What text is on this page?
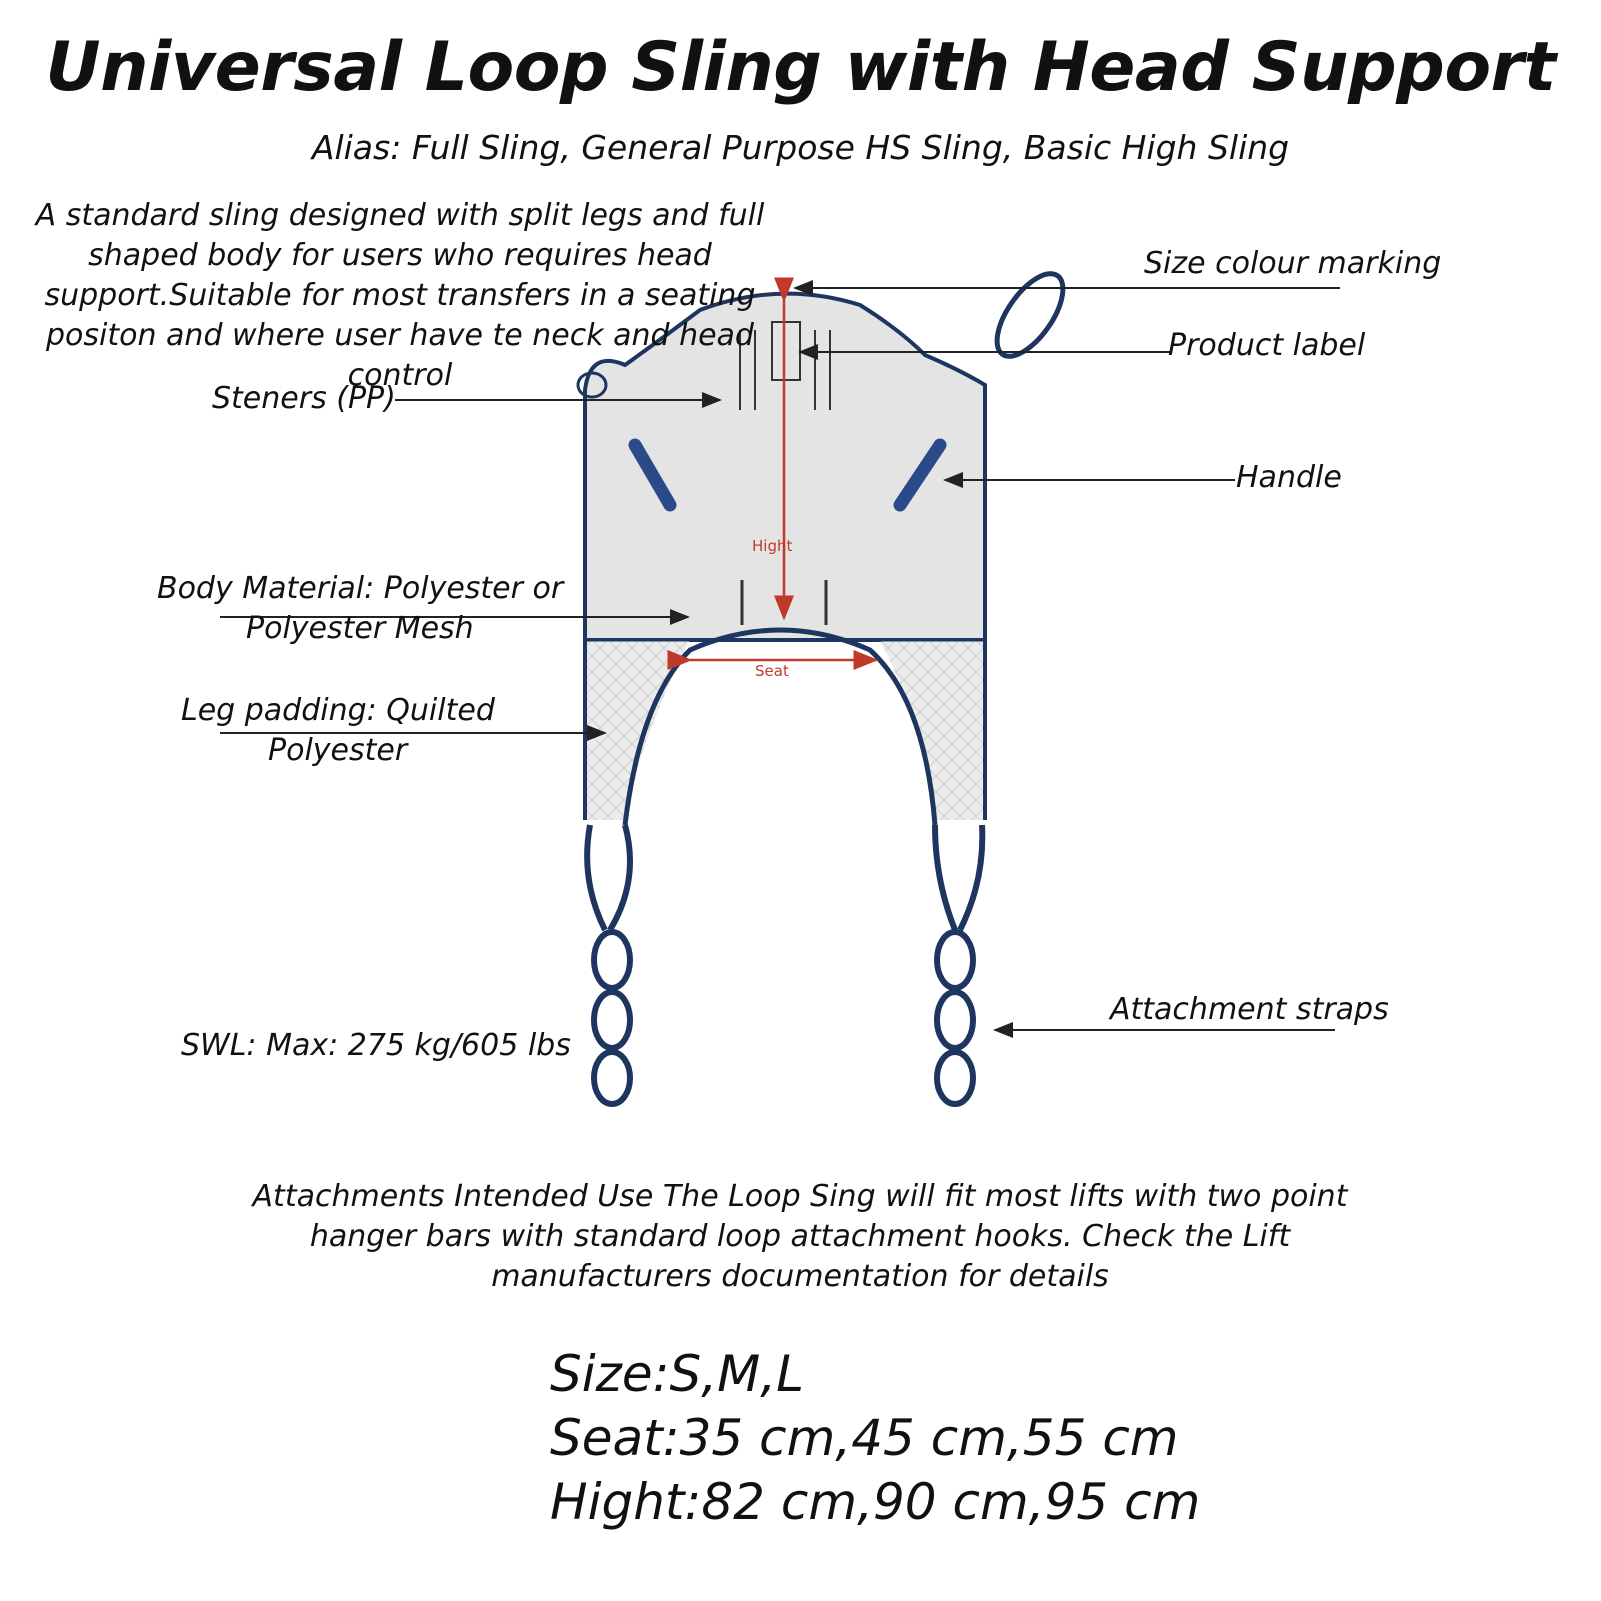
Hight
Seat
Universal Loop Sling with Head Support
Alias: Full Sling, General Purpose HS Sling, Basic High Sling
A standard sling designed with split legs and full shaped body for users who requires head support.Suitable for most transfers in a seating positon and where user have te neck and head control
Steners (PP)
Body Material: Polyester or
Polyester Mesh
Leg padding: Quilted
Polyester
SWL: Max: 275 kg/605 lbs
Size colour marking
Product label
Handle
Attachment straps
Attachments Intended Use The Loop Sing will fit most lifts with two point hanger bars with standard loop attachment hooks. Check the Lift manufacturers documentation for details
Size:S,M,L
Seat:35 cm,45 cm,55 cm
Hight:82 cm,90 cm,95 cm
